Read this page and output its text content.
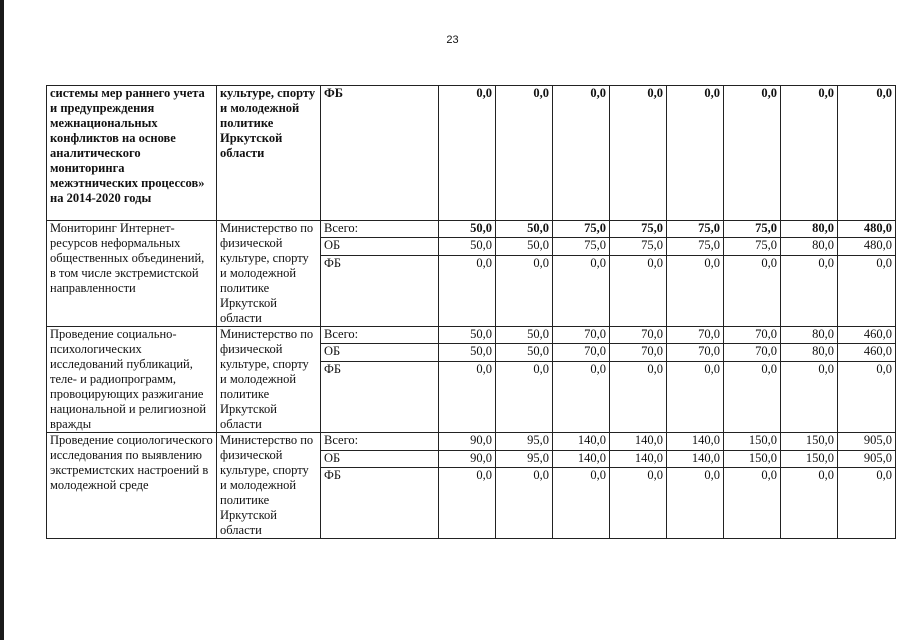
23
системы мер раннего учета и предупреждения межнациональных конфликтов на основе аналитического мониторинга межэтнических процессов» на 2014-2020 годы	культуре, спорту и молодежной политике Иркутской области	ФБ	0,0	0,0	0,0	0,0	0,0	0,0	0,0	0,0
Мониторинг Интернет-ресурсов неформальных общественных объединений, в том числе экстремистской направленности	Министерство по физической культуре, спорту и молодежной политике Иркутской области	Всего:	50,0	50,0	75,0	75,0	75,0	75,0	80,0	480,0
		ОБ	50,0	50,0	75,0	75,0	75,0	75,0	80,0	480,0
		ФБ	0,0	0,0	0,0	0,0	0,0	0,0	0,0	0,0
Проведение социально-психологических исследований публикаций, теле- и радиопрограмм, провоцирующих разжигание национальной и религиозной вражды	Министерство по физической культуре, спорту и молодежной политике Иркутской области	Всего:	50,0	50,0	70,0	70,0	70,0	70,0	80,0	460,0
		ОБ	50,0	50,0	70,0	70,0	70,0	70,0	80,0	460,0
		ФБ	0,0	0,0	0,0	0,0	0,0	0,0	0,0	0,0
Проведение социологического исследования по выявлению экстремистских настроений в молодежной среде	Министерство по физической культуре, спорту и молодежной политике Иркутской области	Всего:	90,0	95,0	140,0	140,0	140,0	150,0	150,0	905,0
		ОБ	90,0	95,0	140,0	140,0	140,0	150,0	150,0	905,0
		ФБ	0,0	0,0	0,0	0,0	0,0	0,0	0,0	0,0
